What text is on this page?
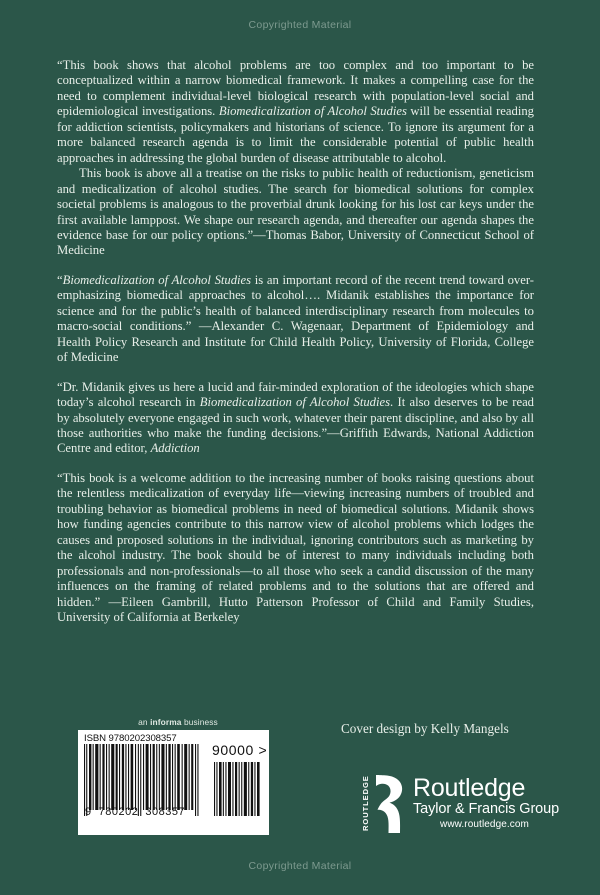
Copyrighted Material

“This book shows that alcohol problems are too complex and too important to be conceptualized within a narrow biomedical framework. It makes a compelling case for the need to complement individual-level biological research with population-level social and epidemiological investigations. Biomedicalization of Alcohol Studies will be essential reading for addiction scientists, policymakers and historians of science. To ignore its argument for a more balanced research agenda is to limit the considerable potential of public health approaches in addressing the global burden of disease attributable to alcohol.
This book is above all a treatise on the risks to public health of reductionism, geneticism and medicalization of alcohol studies. The search for biomedical solutions for complex societal problems is analogous to the proverbial drunk looking for his lost car keys under the first available lamppost. We shape our research agenda, and thereafter our agenda shapes the evidence base for our policy options.”—Thomas Babor, University of Connecticut School of Medicine

“Biomedicalization of Alcohol Studies is an important record of the recent trend toward over-emphasizing biomedical approaches to alcohol…. Midanik establishes the importance for science and for the public’s health of balanced interdisciplinary research from molecules to macro-social conditions.” —Alexander C. Wagenaar, Department of Epidemiology and Health Policy Research and Institute for Child Health Policy, University of Florida, College of Medicine

“Dr. Midanik gives us here a lucid and fair-minded exploration of the ideologies which shape today’s alcohol research in Biomedicalization of Alcohol Studies. It also deserves to be read by absolutely everyone engaged in such work, whatever their parent discipline, and also by all those authorities who make the funding decisions.”—Griffith Edwards, National Addiction Centre and editor, Addiction

“This book is a welcome addition to the increasing number of books raising questions about the relentless medicalization of everyday life—viewing increasing numbers of troubled and troubling behavior as biomedical problems in need of biomedical solutions. Midanik shows how funding agencies contribute to this narrow view of alcohol problems which lodges the causes and proposed solutions in the individual, ignoring contributors such as marketing by the alcohol industry. The book should be of interest to many individuals including both professionals and non-professionals—to all those who seek a candid discussion of the many influences on the framing of related problems and to the solutions that are offered and hidden.” —Eileen Gambrill, Hutto Patterson Professor of Child and Family Studies, University of California at Berkeley

an informa business
ISBN 9780202308357
9 780202 308357
90000 >
Cover design by Kelly Mangels
ROUTLEDGE Routledge
Taylor & Francis Group
www.routledge.com
Copyrighted Material
